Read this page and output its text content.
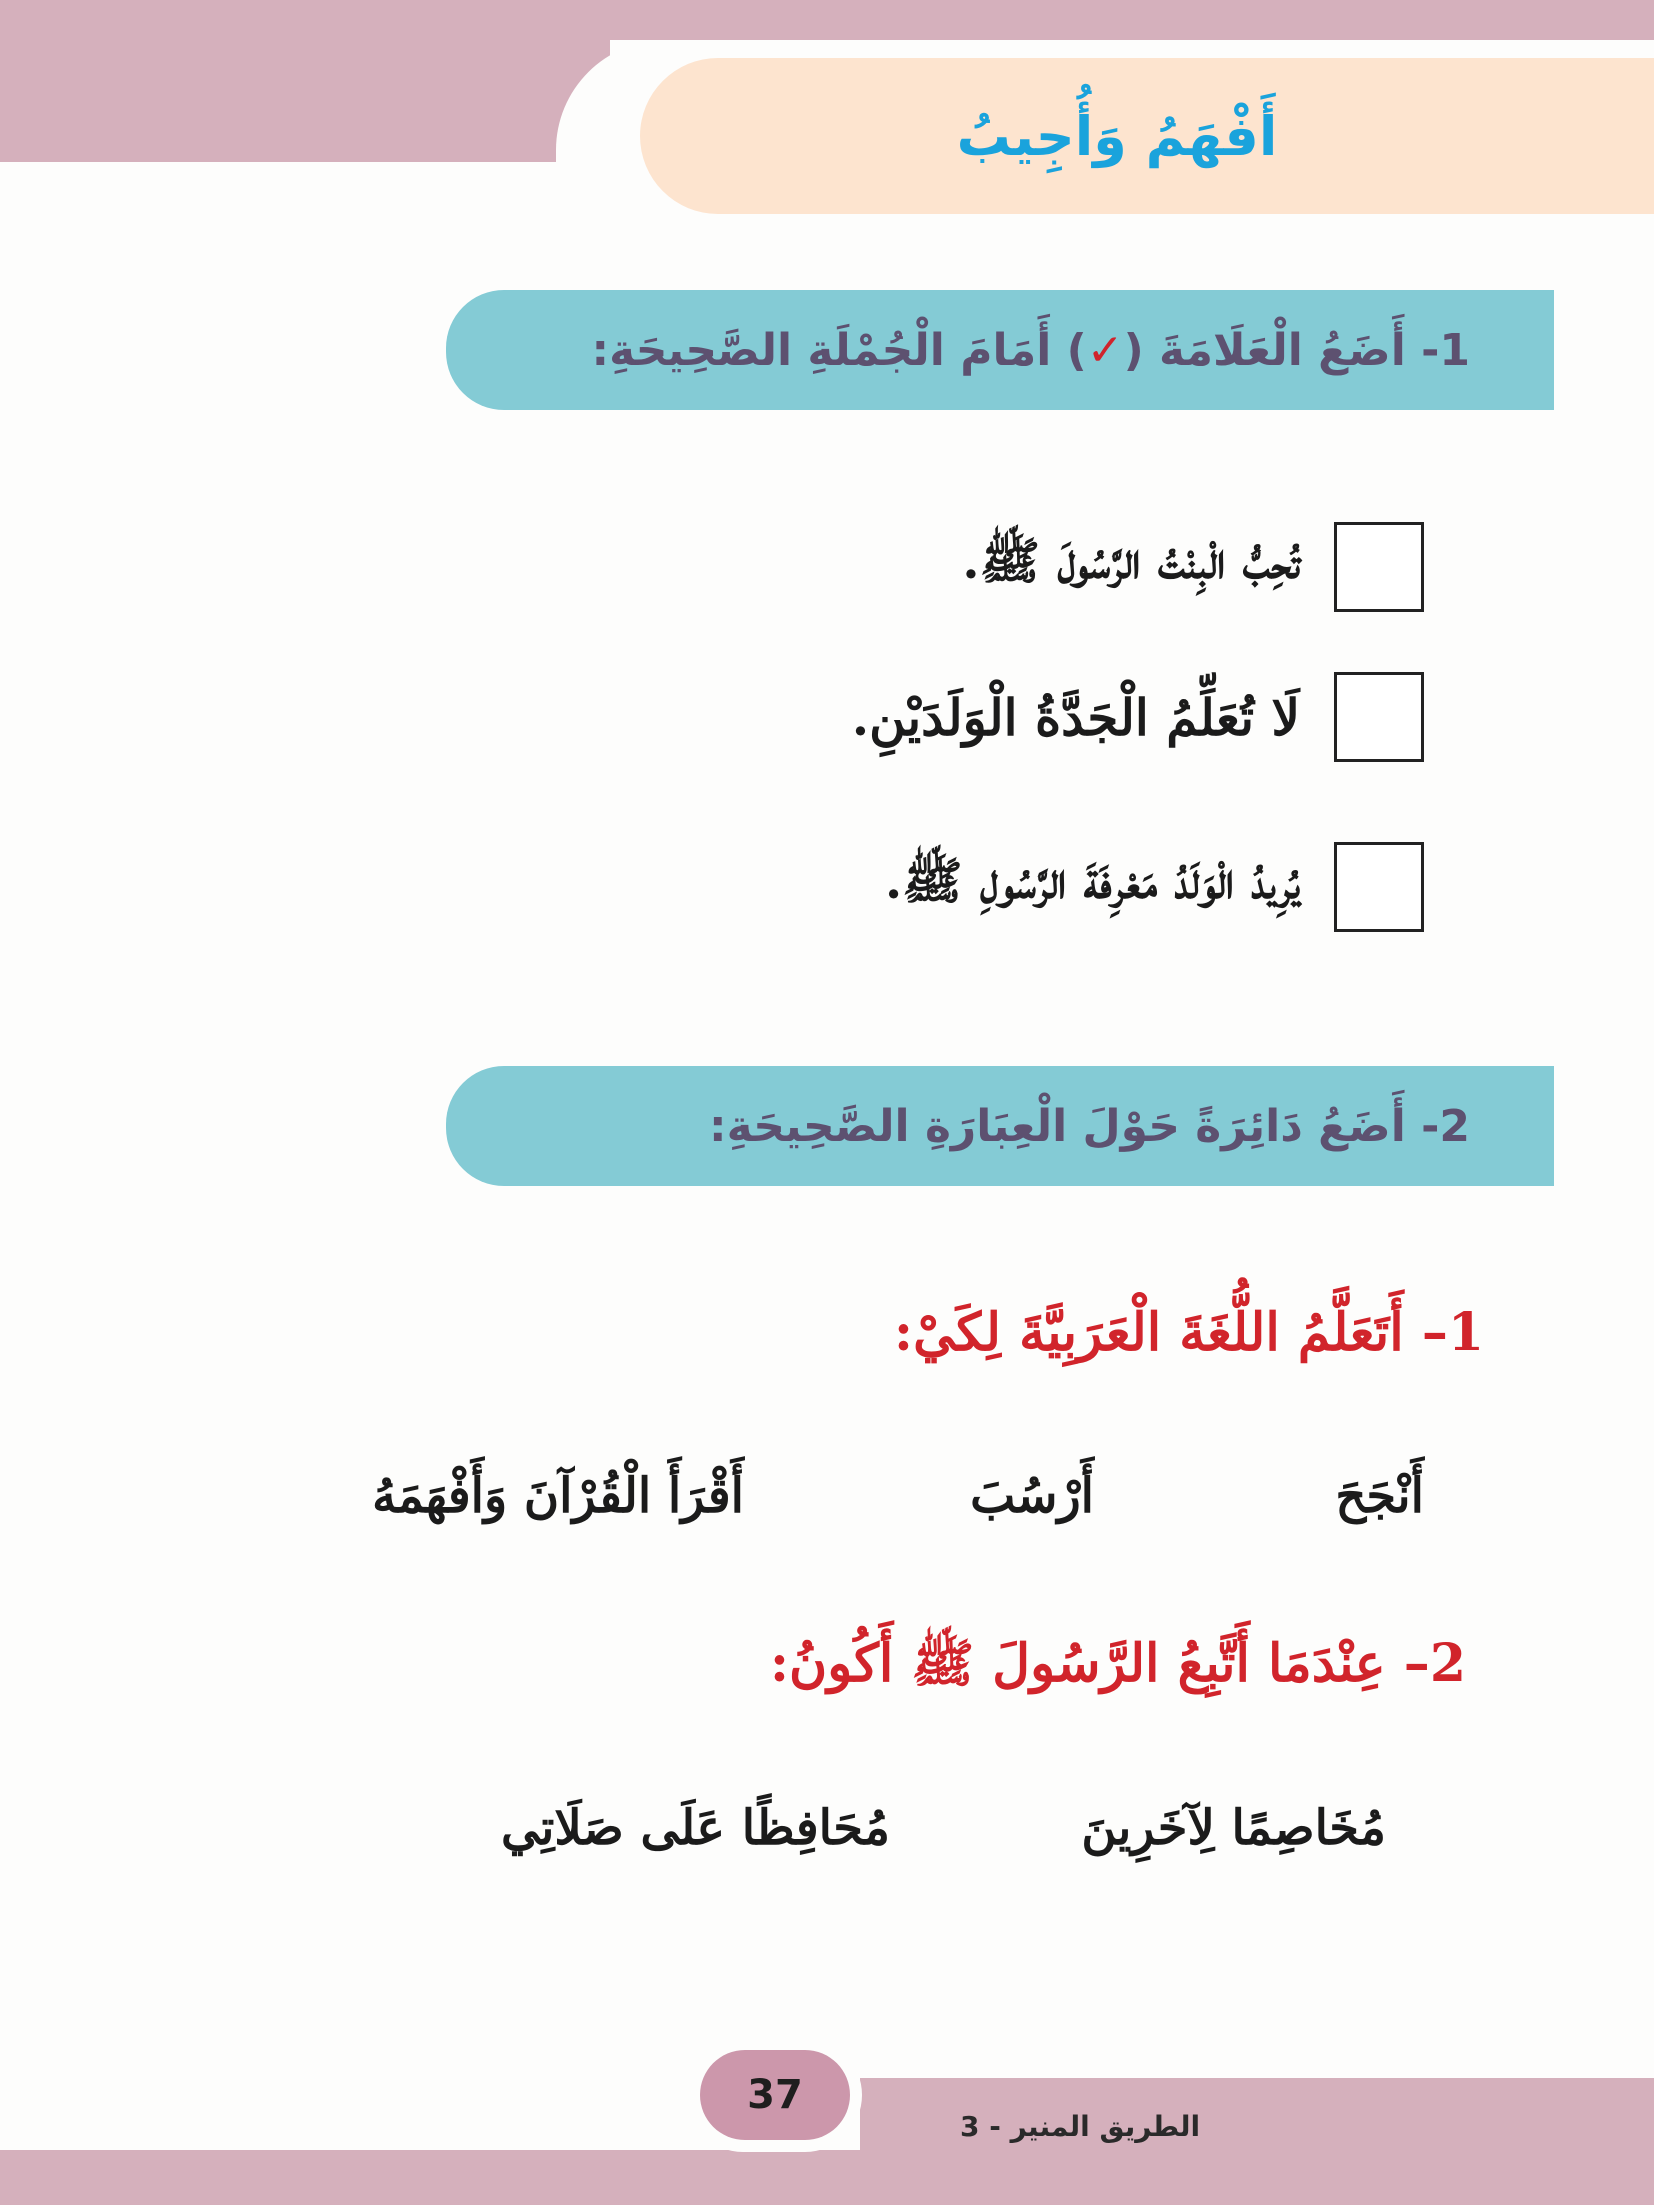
أَفْهَمُ وَأُجِيبُ
1- أَضَعُ الْعَلَامَةَ (✓) أَمَامَ الْجُمْلَةِ الصَّحِيحَةِ:
تُحِبُّ الْبِنْتُ الرَّسُولَ ﷺ.
لَا تُعَلِّمُ الْجَدَّةُ الْوَلَدَيْنِ.
يُرِيدُ الْوَلَدُ مَعْرِفَةَ الرَّسُولِ ﷺ.
2- أَضَعُ دَائِرَةً حَوْلَ الْعِبَارَةِ الصَّحِيحَةِ:
1– أَتَعَلَّمُ اللُّغَةَ الْعَرَبِيَّةَ لِكَيْ:
أَنْجَحَ
أَرْسُبَ
أَقْرَأَ الْقُرْآنَ وَأَفْهَمَهُ
2– عِنْدَمَا أَتَّبِعُ الرَّسُولَ ﷺ أَكُونُ:
مُخَاصِمًا لِآخَرِينَ
مُحَافِظًا عَلَى صَلَاتِي
الطريق المنير - 3
37
